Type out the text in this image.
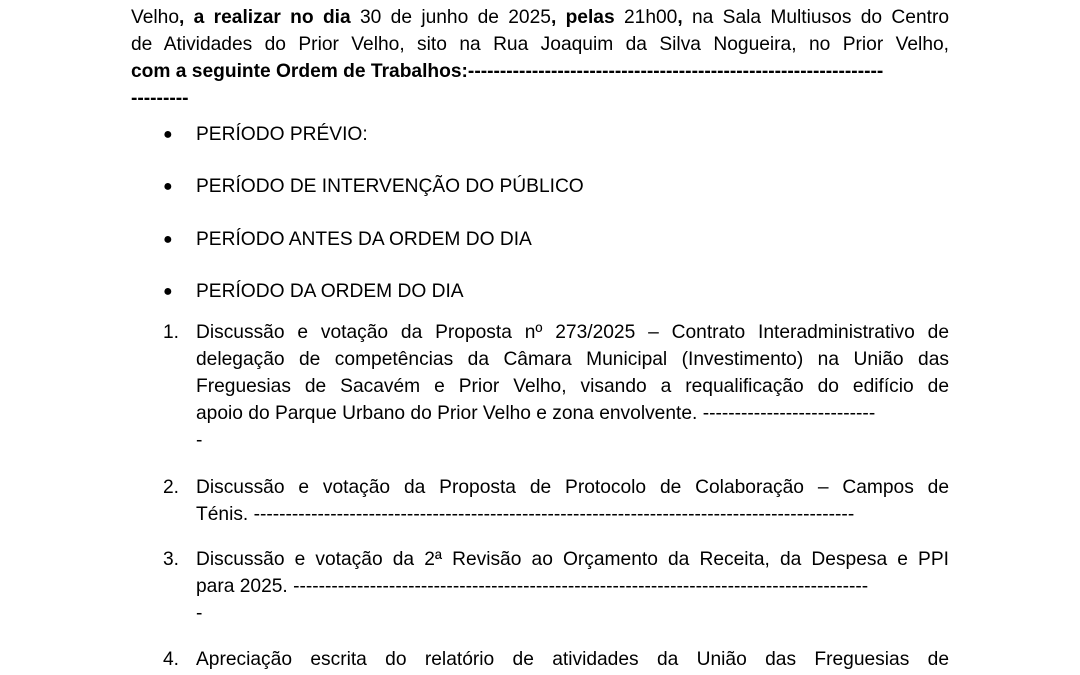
Velho, a realizar no dia 30 de junho de 2025, pelas 21h00, na Sala Multiusos do Centro
de Atividades do Prior Velho, sito na Rua Joaquim da Silva Nogueira, no Prior Velho,
com a seguinte Ordem de Trabalhos:-----------------------------------------------------------------
---------
● PERÍODO PRÉVIO:
● PERÍODO DE INTERVENÇÃO DO PÚBLICO
● PERÍODO ANTES DA ORDEM DO DIA
● PERÍODO DA ORDEM DO DIA
1. Discussão e votação da Proposta nº 273/2025 – Contrato Interadministrativo de
delegação de competências da Câmara Municipal (Investimento) na União das
Freguesias de Sacavém e Prior Velho, visando a requalificação do edifício de
apoio do Parque Urbano do Prior Velho e zona envolvente. ---------------------------
-
2. Discussão e votação da Proposta de Protocolo de Colaboração – Campos de
Ténis. ----------------------------------------------------------------------------------------------
3. Discussão e votação da 2ª Revisão ao Orçamento da Receita, da Despesa e PPI
para 2025. ------------------------------------------------------------------------------------------
-
4. Apreciação escrita do relatório de atividades da União das Freguesias de
